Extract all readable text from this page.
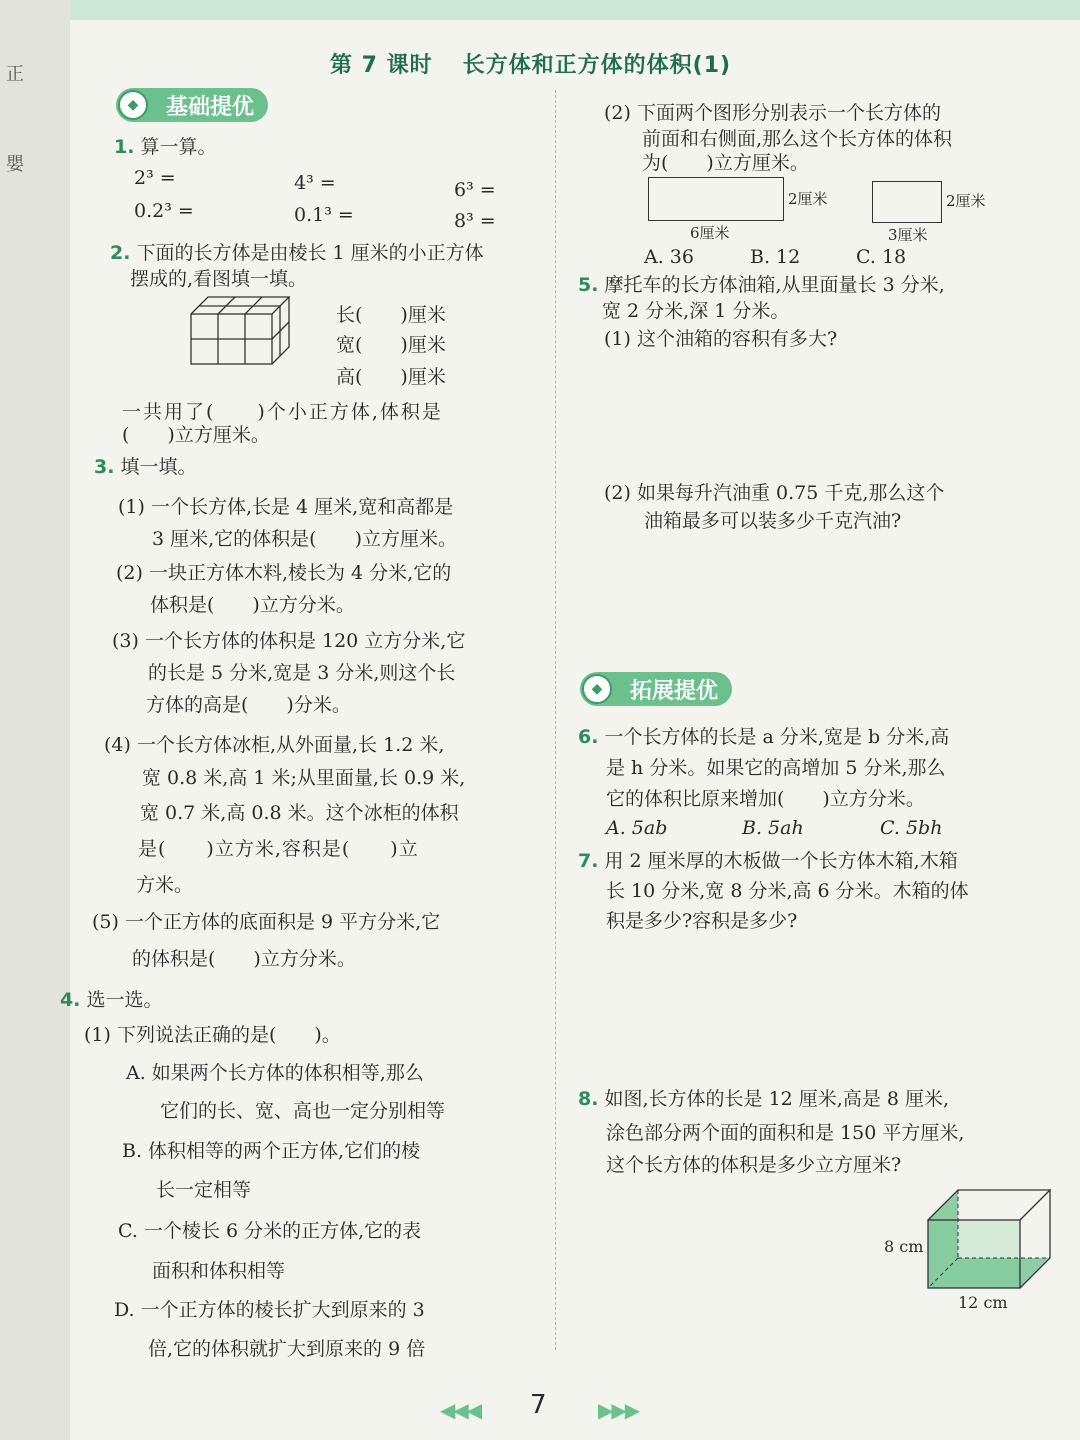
正
嬰
第 7 课时 长方体和正方体的体积(1)
◆	基础提优
1. 算一算。
2³ =	4³ =	6³ =
0.2³ =	0.1³ =	8³ =
2. 下面的长方体是由棱长 1 厘米的小正方体
摆成的,看图填一填。
长(　　)厘米
宽(　　)厘米
高(　　)厘米
一共用了(　　)个小正方体,体积是
(　　)立方厘米。
3. 填一填。
(1) 一个长方体,长是 4 厘米,宽和高都是
3 厘米,它的体积是(　　)立方厘米。
(2) 一块正方体木料,棱长为 4 分米,它的
体积是(　　)立方分米。
(3) 一个长方体的体积是 120 立方分米,它
的长是 5 分米,宽是 3 分米,则这个长
方体的高是(　　)分米。
(4) 一个长方体冰柜,从外面量,长 1.2 米,
宽 0.8 米,高 1 米;从里面量,长 0.9 米,
宽 0.7 米,高 0.8 米。这个冰柜的体积
是(　　)立方米,容积是(　　)立
方米。
(5) 一个正方体的底面积是 9 平方分米,它
的体积是(　　)立方分米。
4. 选一选。
(1) 下列说法正确的是(　　)。
A. 如果两个长方体的体积相等,那么
它们的长、宽、高也一定分别相等
B. 体积相等的两个正方体,它们的棱
长一定相等
C. 一个棱长 6 分米的正方体,它的表
面积和体积相等
D. 一个正方体的棱长扩大到原来的 3
倍,它的体积就扩大到原来的 9 倍
(2) 下面两个图形分别表示一个长方体的
前面和右侧面,那么这个长方体的体积
为(　　)立方厘米。
2厘米
6厘米
2厘米
3厘米
A. 36	B. 12	C. 18
5. 摩托车的长方体油箱,从里面量长 3 分米,
宽 2 分米,深 1 分米。
(1) 这个油箱的容积有多大?
(2) 如果每升汽油重 0.75 千克,那么这个
油箱最多可以装多少千克汽油?
◆	拓展提优
6. 一个长方体的长是 a 分米,宽是 b 分米,高
是 h 分米。如果它的高增加 5 分米,那么
它的体积比原来增加(　　)立方分米。
A. 5ab	B. 5ah	C. 5bh
7. 用 2 厘米厚的木板做一个长方体木箱,木箱
长 10 分米,宽 8 分米,高 6 分米。木箱的体
积是多少?容积是多少?
8. 如图,长方体的长是 12 厘米,高是 8 厘米,
涂色部分两个面的面积和是 150 平方厘米,
这个长方体的体积是多少立方厘米?
8 cm
12 cm
◀◀◀ 7	▶▶▶
